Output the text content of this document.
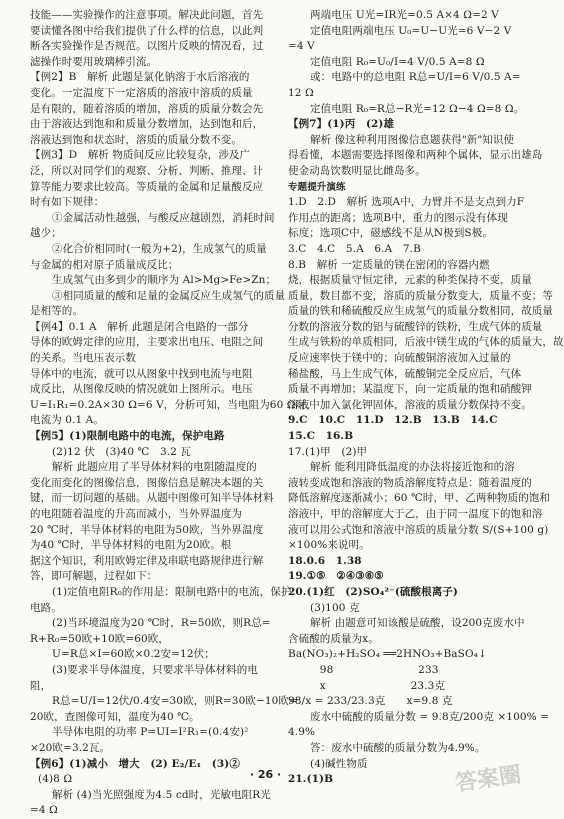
技能——实验操作的注意事项。解决此问题，首先
要读懂各图中给我们提供了什么样的信息，以此判
断各实验操作是否规范。以图片反映的情况看，过
滤操作时要用玻璃棒引流。
【例2】B　解析 此题是氯化钠溶于水后溶液的
变化。一定温度下一定溶质的溶液中溶质的质量
是有限的，随着溶质的增加，溶质的质量分数会先
由于溶液达到饱和和质量分数增加，达到饱和后，
溶液达到饱和状态时，溶质的质量分数不变。
【例3】D　解析 物质间反应比较复杂，涉及广
泛，所以对同学们的观察、分析、判断、推理、计
算等能力要求比较高。等质量的金属和足量酸反应
时有如下规律：
①金属活动性越强，与酸反应越剧烈，消耗时间
越少；
②化合价相同时(一般为+2)，生成氢气的质量
与金属的相对原子质量成反比；
生成氢气由多到少的顺序为 Al>Mg>Fe>Zn；
③相同质量的酸和足量的金属反应生成氢气的质量
是相等的。
【例4】0.1 A　解析 此题是闭合电路的一部分
导体的欧姆定律的应用，主要求出电压、电阻之间
的关系。当电压表示数
导体中的电流，就可以从图象中找到电流与电阻
成反比，从图像反映的情况就如上图所示。电压
U=I₁R₁=0.2A×30 Ω=6 V，分析可知，当电阻为60 Ω时，
电流为 0.1 A。
【例5】(1)限制电路中的电流，保护电路
(2)12 伏　(3)40 ℃　3.2 瓦
解析 此题应用了半导体材料的电阻随温度的
变化而变化的图像信息，图像信息是解决本题的关
键，而一切问题的基础。从题中图像可知半导体材料
的电阻随着温度的升高而减小，当外界温度为
20 ℃时，半导体材料的电阻为50欧，当外界温度
为40 ℃时，半导体材料的电阻为20欧。根
据这个知识，利用欧姆定律及串联电路规律进行解
答，即可解题，过程如下：
(1)定值电阻R₀的作用是：限制电路中的电流，保护
电路。
(2)当环境温度为20 ℃时，R=50欧，则R总=
R+R₀=50欧+10欧=60欧，
U=R总×I=60欧×0.2安=12伏；
(3)要求半导体温度，只要求半导体材料的电
阻，
R总=U/I=12伏/0.4安=30欧，则R=30欧−10欧=
20欧，查图像可知，温度为40 ℃。
半导体电阻的功率 P=UI=I²R₁=(0.4安)²
×20欧=3.2瓦。
【例6】(1)减小　增大　(2) E₂/E₁　(3)②
(4)8 Ω
解析 (4)当光照强度为4.5 cd时，光敏电阻R光
=4 Ω
两端电压 U光=IR光=0.5 A×4 Ω=2 V
定值电阻两端电压 U₀=U−U光=6 V−2 V
=4 V
定值电阻 R₀=U₀/I=4 V/0.5 A=8 Ω
或：电路中的总电阻 R总=U/I=6 V/0.5 A=
12 Ω
定值电阻 R₀=R总−R光=12 Ω−4 Ω=8 Ω。
【例7】(1)丙　(2)雄
解析 像这种利用图像信息题获得"新"知识使
得看懂，本题需要选择图像和两种个属体，显示出雄岛
使金动岛饮数明显比雌岛多。
专题提升演练
1.D　2.D　解析 选项A中，力臂并不是支点到力F
作用点的距离；选项B中，重力的图示没有体现
标度；选项C中，磁感线不是从N极到S极。
3.C　4.C　5.A　6.A　7.B
8.B　解析 一定质量的镁在密闭的容器内燃
烧，根据质量守恒定律，元素的种类保持不变，质量
质量，数目都不变，溶质的质量分数变大，质量不变；等
质量的铁和稀硫酸反应生成氢气的质量分数相同，故质量
分数的溶液分数的铝与硫酸锌的铁粉，生成气体的质量
生成与铁粉的单质相同，后液中镁生成的气体的质量大，故
反应速率快于镁中的；向硫酸铜溶液加入过量的
稀盐酸，马上生成气体，硫酸铜完全反应后，气体
质量不再增加；某温度下，向一定质量的饱和硝酸钾
溶液中加入氯化钾固体，溶液的质量分数保持不变。
9.C　10.C　11.D　12.B　13.B　14.C
15.C　16.B
17.(1)甲　(2)甲
解析 能利用降低温度的办法将接近饱和的溶
液转变成饱和溶液的物质溶解度特点是：随着温度的
降低溶解度逐渐减小；60 ℃时，甲、乙两种物质的饱和
溶液中，甲的溶解度大于乙，由于同一温度下的饱和溶
液可以用公式饱和溶液中溶质的质量分数 S/(S+100 g)
×100%来说明。
18.0.6　1.38
19.①⑤　②④③⑥⑤
20.(1)红　(2)SO₄²⁻(硫酸根离子)
(3)100 克
解析 由题意可知该酸是硫酸，设200克废水中
含硫酸的质量为x。
Ba(NO₃)₂+H₂SO₄ ══2HNO₃+BaSO₄↓
　　　98　　　　　　　　233
　　　x　　　　　　　　23.3克
98/x = 233/23.3克　　x=9.8 克
废水中硫酸的质量分数 = 9.8克/200克 ×100% =
4.9%
答：废水中硫酸的质量分数为4.9%。
(4)碱性物质
21.(1)B
· 26 ·	答案圈
